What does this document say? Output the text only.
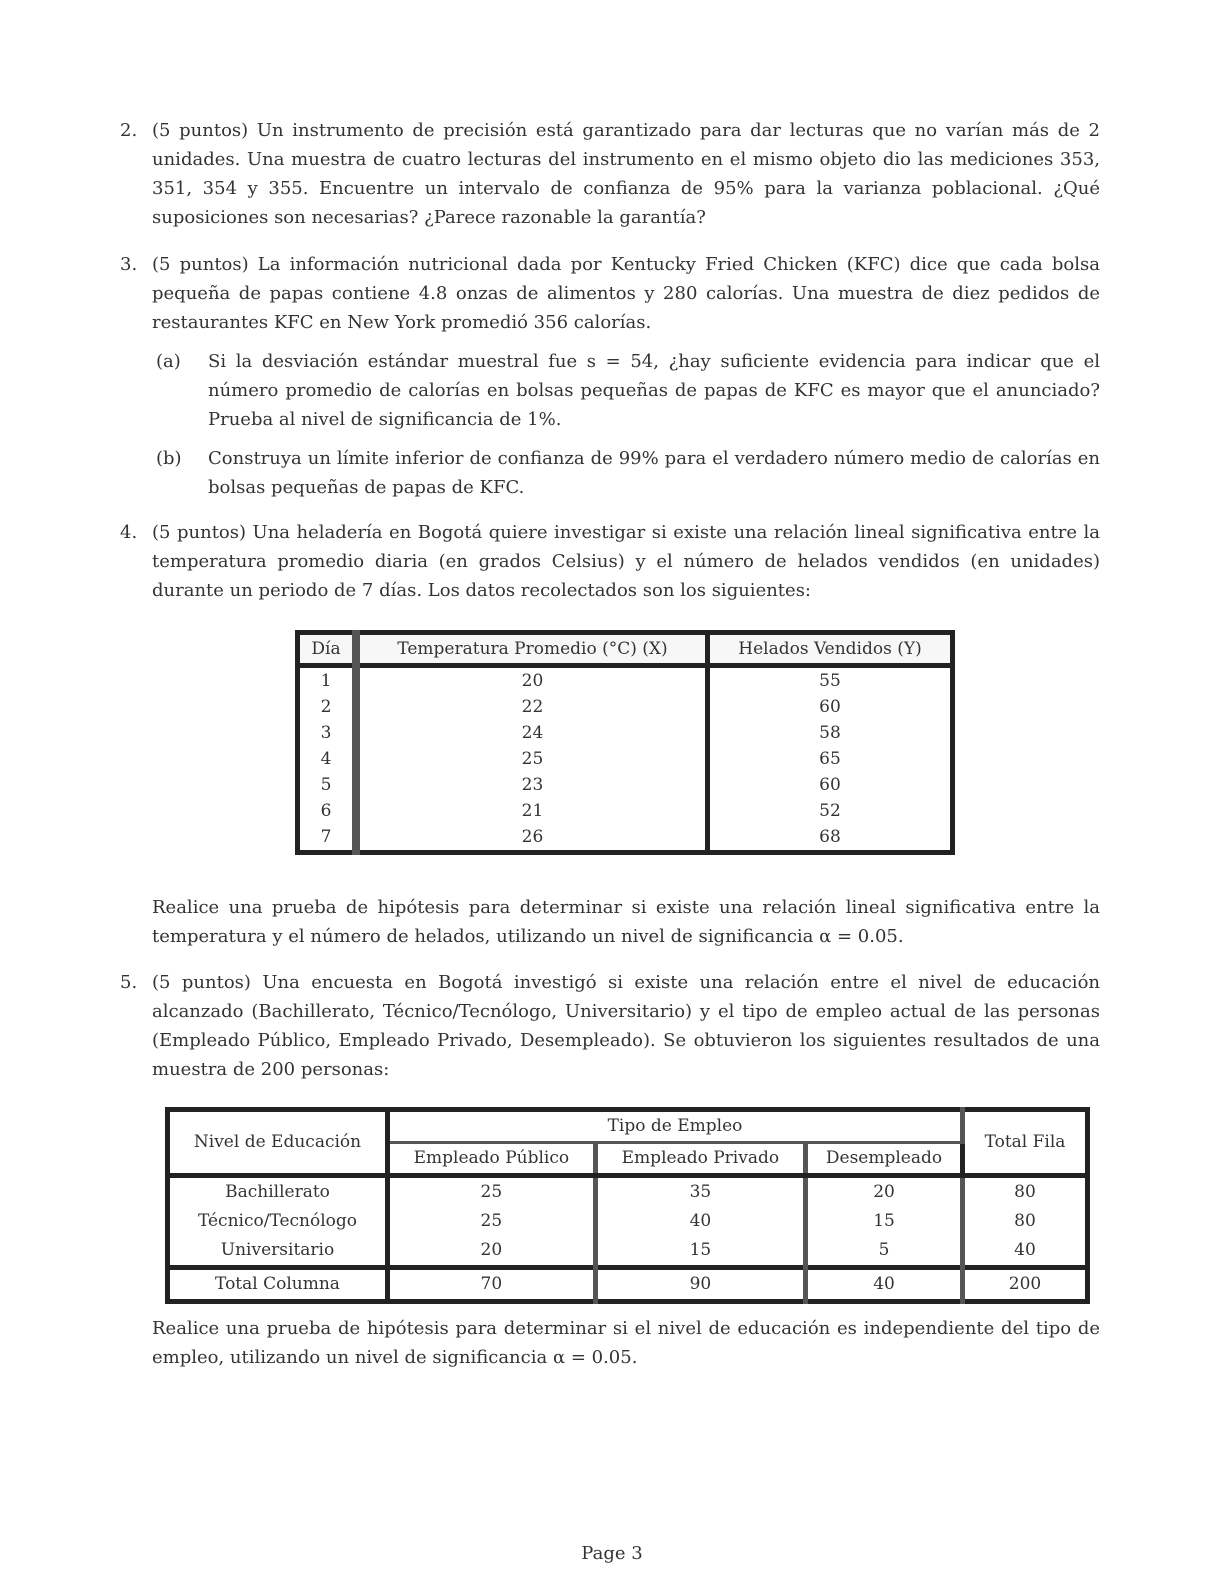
2. (5 puntos) Un instrumento de precisión está garantizado para dar lecturas que no varían más de 2 unidades. Una muestra de cuatro lecturas del instrumento en el mismo objeto dio las mediciones 353, 351, 354 y 355. Encuentre un intervalo de confianza de 95% para la varianza poblacional. ¿Qué suposiciones son necesarias? ¿Parece razonable la garantía?
3. (5 puntos) La información nutricional dada por Kentucky Fried Chicken (KFC) dice que cada bolsa pequeña de papas contiene 4.8 onzas de alimentos y 280 calorías. Una muestra de diez pedidos de restaurantes KFC en New York promedió 356 calorías.
(a) Si la desviación estándar muestral fue s = 54, ¿hay suficiente evidencia para indicar que el número promedio de calorías en bolsas pequeñas de papas de KFC es mayor que el anunciado? Prueba al nivel de significancia de 1%.
(b) Construya un límite inferior de confianza de 99% para el verdadero número medio de calorías en bolsas pequeñas de papas de KFC.
4. (5 puntos) Una heladería en Bogotá quiere investigar si existe una relación lineal significativa entre la temperatura promedio diaria (en grados Celsius) y el número de helados vendidos (en unidades) durante un periodo de 7 días. Los datos recolectados son los siguientes:
Día	Temperatura Promedio (°C) (X)	Helados Vendidos (Y)
1	20	55
2	22	60
3	24	58
4	25	65
5	23	60
6	21	52
7	26	68
Realice una prueba de hipótesis para determinar si existe una relación lineal significativa entre la temperatura y el número de helados, utilizando un nivel de significancia α = 0.05.
5. (5 puntos) Una encuesta en Bogotá investigó si existe una relación entre el nivel de educación alcanzado (Bachillerato, Técnico/Tecnólogo, Universitario) y el tipo de empleo actual de las personas (Empleado Público, Empleado Privado, Desempleado). Se obtuvieron los siguientes resultados de una muestra de 200 personas:
Nivel de Educación	Tipo de Empleo			Total Fila
	Empleado Público	Empleado Privado	Desempleado	
Bachillerato	25	35	20	80
Técnico/Tecnólogo	25	40	15	80
Universitario	20	15	5	40
Total Columna	70	90	40	200
Realice una prueba de hipótesis para determinar si el nivel de educación es independiente del tipo de empleo, utilizando un nivel de significancia α = 0.05.
Page 3
